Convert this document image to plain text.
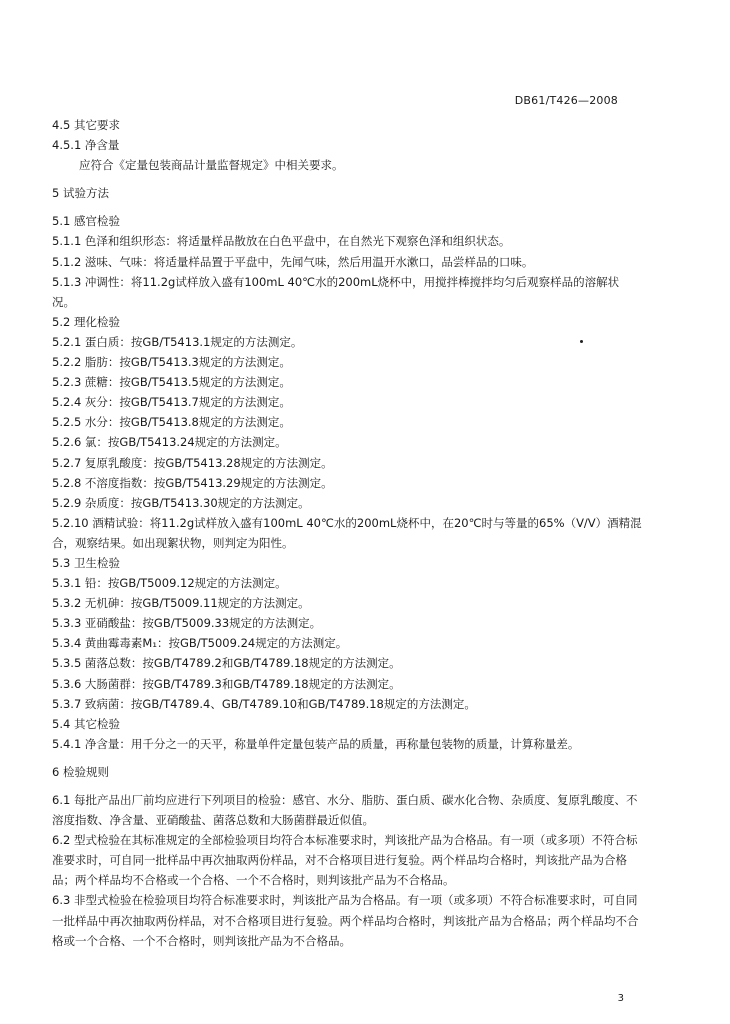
DB61/T426—2008
4.5 其它要求
4.5.1 净含量
应符合《定量包装商品计量监督规定》中相关要求。
5 试验方法
5.1 感官检验
5.1.1 色泽和组织形态：将适量样品散放在白色平盘中，在自然光下观察色泽和组织状态。
5.1.2 滋味、气味：将适量样品置于平盘中，先闻气味，然后用温开水漱口，品尝样品的口味。
5.1.3 冲调性：将11.2g试样放入盛有100mL 40℃水的200mL烧杯中，用搅拌棒搅拌均匀后观察样品的溶解状况。
5.2 理化检验
5.2.1 蛋白质：按GB/T5413.1规定的方法测定。
5.2.2 脂肪：按GB/T5413.3规定的方法测定。
5.2.3 蔗糖：按GB/T5413.5规定的方法测定。
5.2.4 灰分：按GB/T5413.7规定的方法测定。
5.2.5 水分：按GB/T5413.8规定的方法测定。
5.2.6 氯：按GB/T5413.24规定的方法测定。
5.2.7 复原乳酸度：按GB/T5413.28规定的方法测定。
5.2.8 不溶度指数：按GB/T5413.29规定的方法测定。
5.2.9 杂质度：按GB/T5413.30规定的方法测定。
5.2.10 酒精试验：将11.2g试样放入盛有100mL 40℃水的200mL烧杯中，在20℃时与等量的65%（V/V）酒精混合，观察结果。如出现絮状物，则判定为阳性。
5.3 卫生检验
5.3.1 铅：按GB/T5009.12规定的方法测定。
5.3.2 无机砷：按GB/T5009.11规定的方法测定。
5.3.3 亚硝酸盐：按GB/T5009.33规定的方法测定。
5.3.4 黄曲霉毒素M₁：按GB/T5009.24规定的方法测定。
5.3.5 菌落总数：按GB/T4789.2和GB/T4789.18规定的方法测定。
5.3.6 大肠菌群：按GB/T4789.3和GB/T4789.18规定的方法测定。
5.3.7 致病菌：按GB/T4789.4、GB/T4789.10和GB/T4789.18规定的方法测定。
5.4 其它检验
5.4.1 净含量：用千分之一的天平，称量单件定量包装产品的质量，再称量包装物的质量，计算称量差。
6 检验规则
6.1 每批产品出厂前均应进行下列项目的检验：感官、水分、脂肪、蛋白质、碳水化合物、杂质度、复原乳酸度、不溶度指数、净含量、亚硝酸盐、菌落总数和大肠菌群最近似值。
6.2 型式检验在其标准规定的全部检验项目均符合本标准要求时，判该批产品为合格品。有一项（或多项）不符合标准要求时，可自同一批样品中再次抽取两份样品，对不合格项目进行复验。两个样品均合格时，判该批产品为合格品；两个样品均不合格或一个合格、一个不合格时，则判该批产品为不合格品。
6.3 非型式检验在检验项目均符合标准要求时，判该批产品为合格品。有一项（或多项）不符合标准要求时，可自同一批样品中再次抽取两份样品，对不合格项目进行复验。两个样品均合格时，判该批产品为合格品；两个样品均不合格或一个合格、一个不合格时，则判该批产品为不合格品。
3
